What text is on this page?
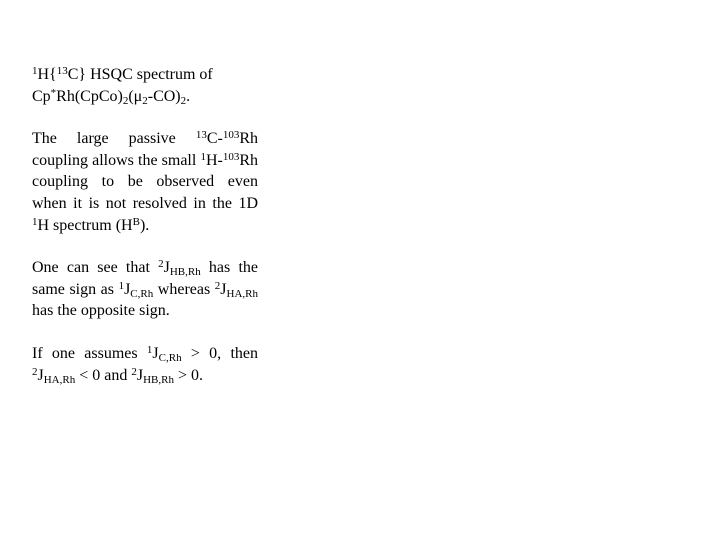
$^1$H{$^{13}$C} HSQC spectrum of
$Cp^*Rh(CpCo)_2(\mu_2-CO)_2$.

The large passive $^{13}$C-$^{103}$Rh coupling allows the small $^1$H-$^{103}$Rh coupling to be observed even when it is not resolved in the 1D $^1$H spectrum $(H^B)$.

One can see that $^2J_{HB,Rh}$ has the same sign as $^1J_{C,Rh}$ whereas $^2J_{HA,Rh}$ has the opposite sign.

If one assumes $^1J_{C,Rh} > 0$, then $^2J_{HA,Rh} < 0$ and $^2J_{HB,Rh} > 0$.
